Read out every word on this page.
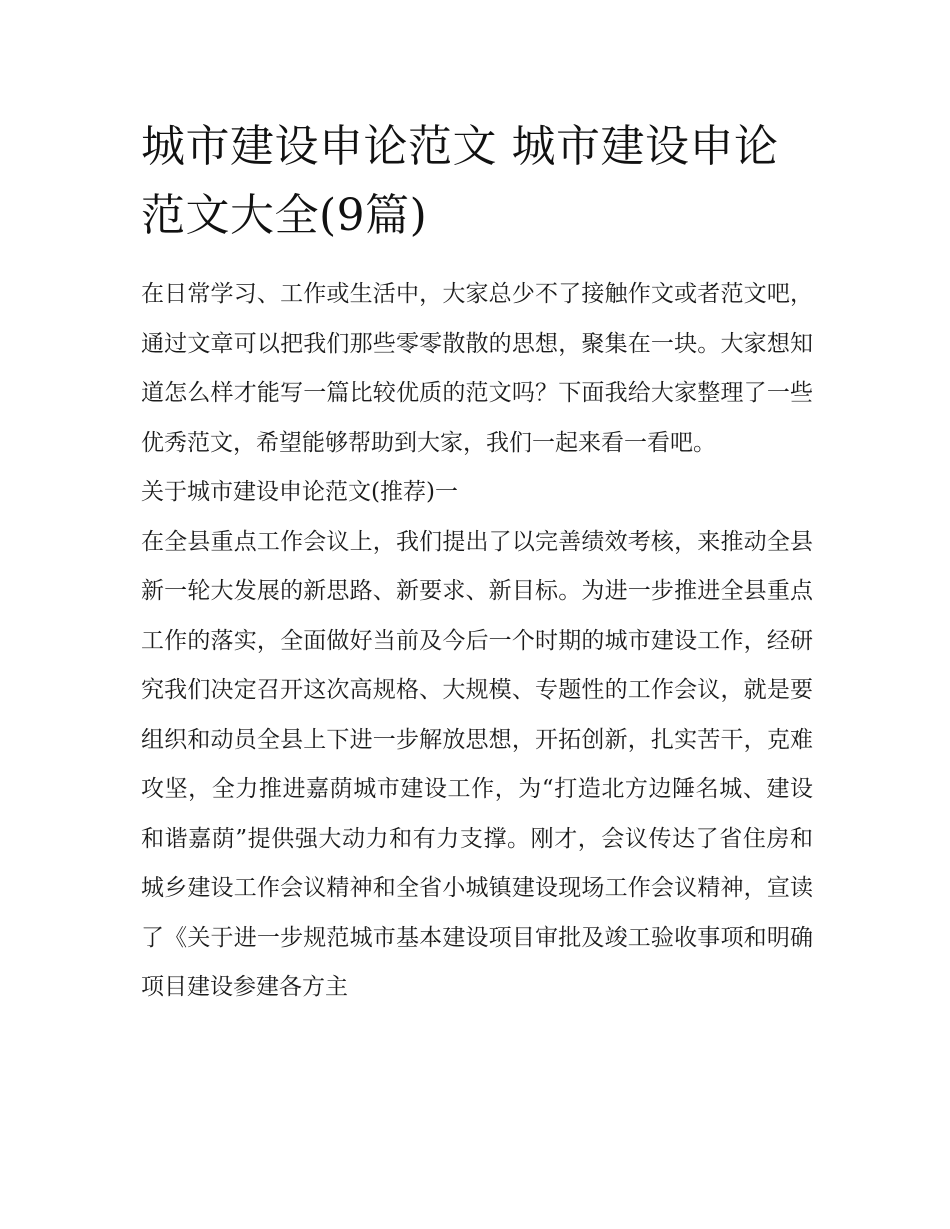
城市建设申论范文 城市建设申论范文大全(9篇)

在日常学习、工作或生活中，大家总少不了接触作文或者范文吧，通过文章可以把我们那些零零散散的思想，聚集在一块。大家想知道怎么样才能写一篇比较优质的范文吗？下面我给大家整理了一些优秀范文，希望能够帮助到大家，我们一起来看一看吧。

关于城市建设申论范文(推荐)一

在全县重点工作会议上，我们提出了以完善绩效考核，来推动全县新一轮大发展的新思路、新要求、新目标。为进一步推进全县重点工作的落实，全面做好当前及今后一个时期的城市建设工作，经研究我们决定召开这次高规格、大规模、专题性的工作会议，就是要组织和动员全县上下进一步解放思想，开拓创新，扎实苦干，克难攻坚，全力推进嘉荫城市建设工作，为“打造北方边陲名城、建设和谐嘉荫”提供强大动力和有力支撑。刚才，会议传达了省住房和城乡建设工作会议精神和全省小城镇建设现场工作会议精神，宣读了《关于进一步规范城市基本建设项目审批及竣工验收事项和明确项目建设参建各方主
